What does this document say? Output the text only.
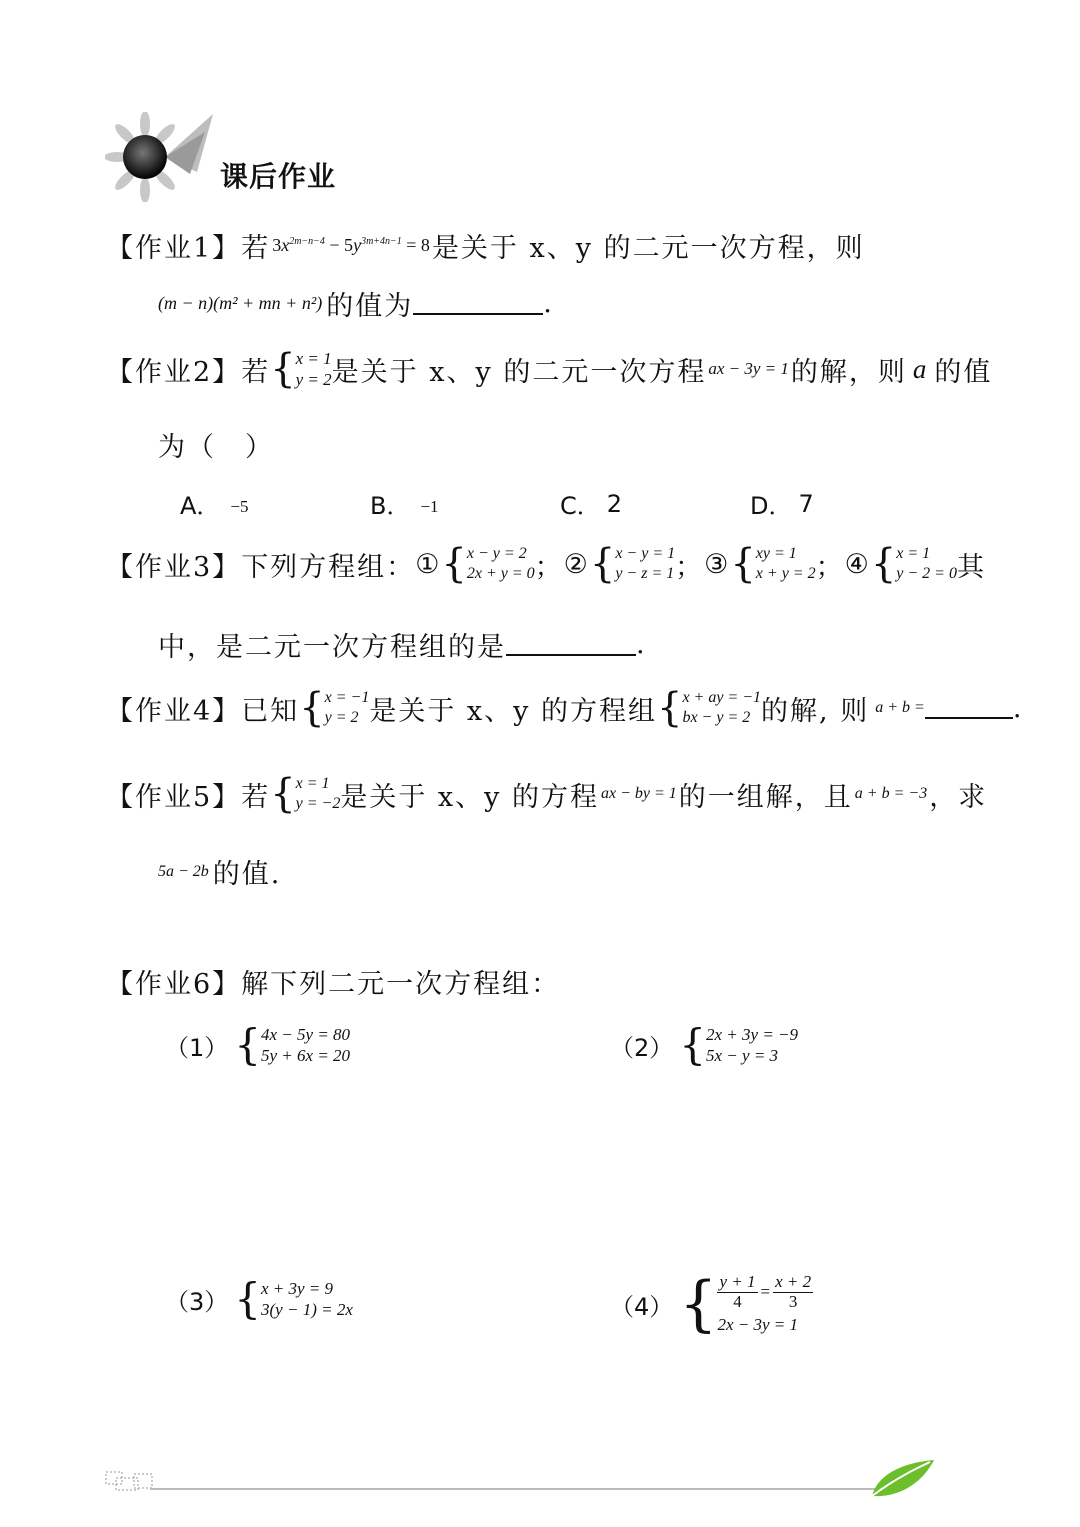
课后作业
【作业1】 若 $3x^{2m-n-4} - 5y^{3m+4n-1} = 8$ 是关于 x、y 的二元一次方程，则
(m − n)(m² + mn + n²) 的值为	.
【作业2】 若 { x = 1
y = 2 是关于 x、y 的二元一次方程 ax − 3y = 1 的解，则 a 的值
为（　）
A． −5	B． −1	C． 2	D． 7
【作业3】 下列方程组： ① { x − y = 2
2x + y = 0 ； ② { x − y = 1
y − z = 1 ； ③ { xy = 1
x + y = 2 ； ④ { x = 1
y − 2 = 0 其
中，是二元一次方程组的是	.
【作业4】 已知 { x = −1
y = 2 是关于 x、y 的方程组 { x + ay = −1
bx − y = 2 的解, 则 a + b =	.
【作业5】 若 { x = 1
y = −2 是关于 x、y 的方程 ax − by = 1 的一组解，且 a + b = −3 ，求
5a − 2b 的值.
【作业6】 解下列二元一次方程组：
（1） { 4x − 5y = 80
5y + 6x = 20	（2） { 2x + 3y = −9
5x − y = 3
（3） { x + 3y = 9
3(y − 1) = 2x	（4） { $\frac{y + 1}{4} = \frac{x + 2}{3}$
2x − 3y = 1
